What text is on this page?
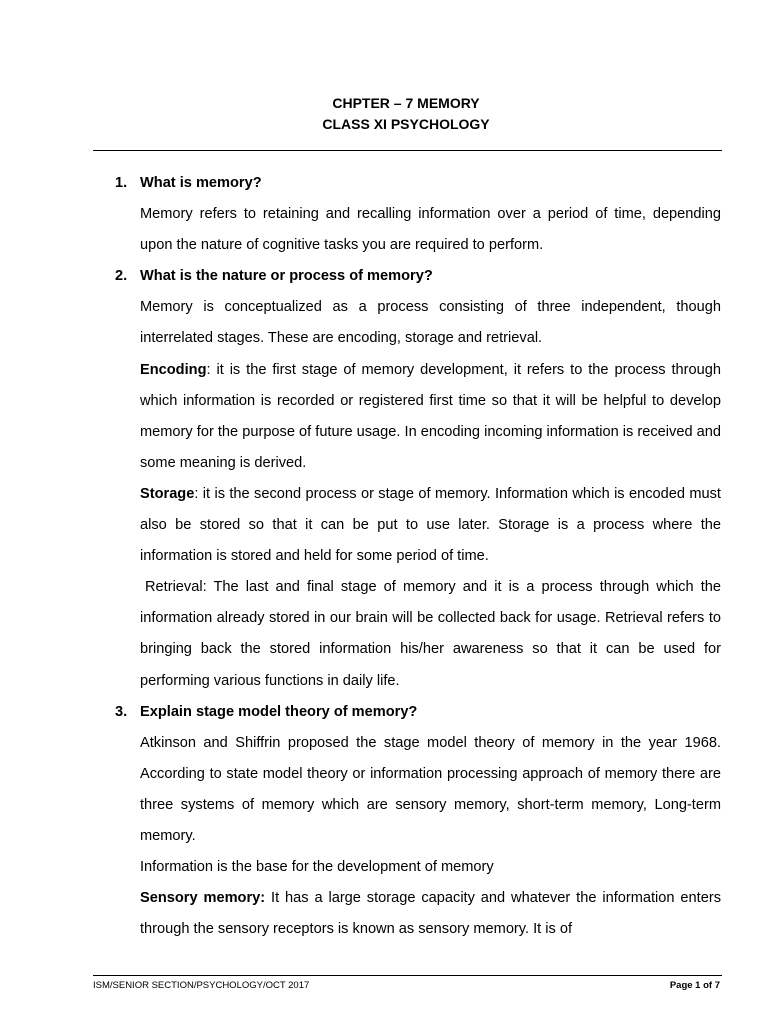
CHPTER – 7 MEMORY
CLASS XI PSYCHOLOGY
1. What is memory?
Memory refers to retaining and recalling information over a period of time, depending upon the nature of cognitive tasks you are required to perform.
2. What is the nature or process of memory?
Memory is conceptualized as a process consisting of three independent, though interrelated stages. These are encoding, storage and retrieval.
Encoding: it is the first stage of memory development, it refers to the process through which information is recorded or registered first time so that it will be helpful to develop memory for the purpose of future usage. In encoding incoming information is received and some meaning is derived.
Storage: it is the second process or stage of memory. Information which is encoded must also be stored so that it can be put to use later. Storage is a process where the information is stored and held for some period of time.
Retrieval: The last and final stage of memory and it is a process through which the information already stored in our brain will be collected back for usage. Retrieval refers to bringing back the stored information his/her awareness so that it can be used for performing various functions in daily life.
3. Explain stage model theory of memory?
Atkinson and Shiffrin proposed the stage model theory of memory in the year 1968. According to state model theory or information processing approach of memory there are three systems of memory which are sensory memory, short-term memory, Long-term memory.
Information is the base for the development of memory
Sensory memory: It has a large storage capacity and whatever the information enters through the sensory receptors is known as sensory memory. It is of
ISM/SENIOR SECTION/PSYCHOLOGY/OCT 2017	Page 1 of 7
